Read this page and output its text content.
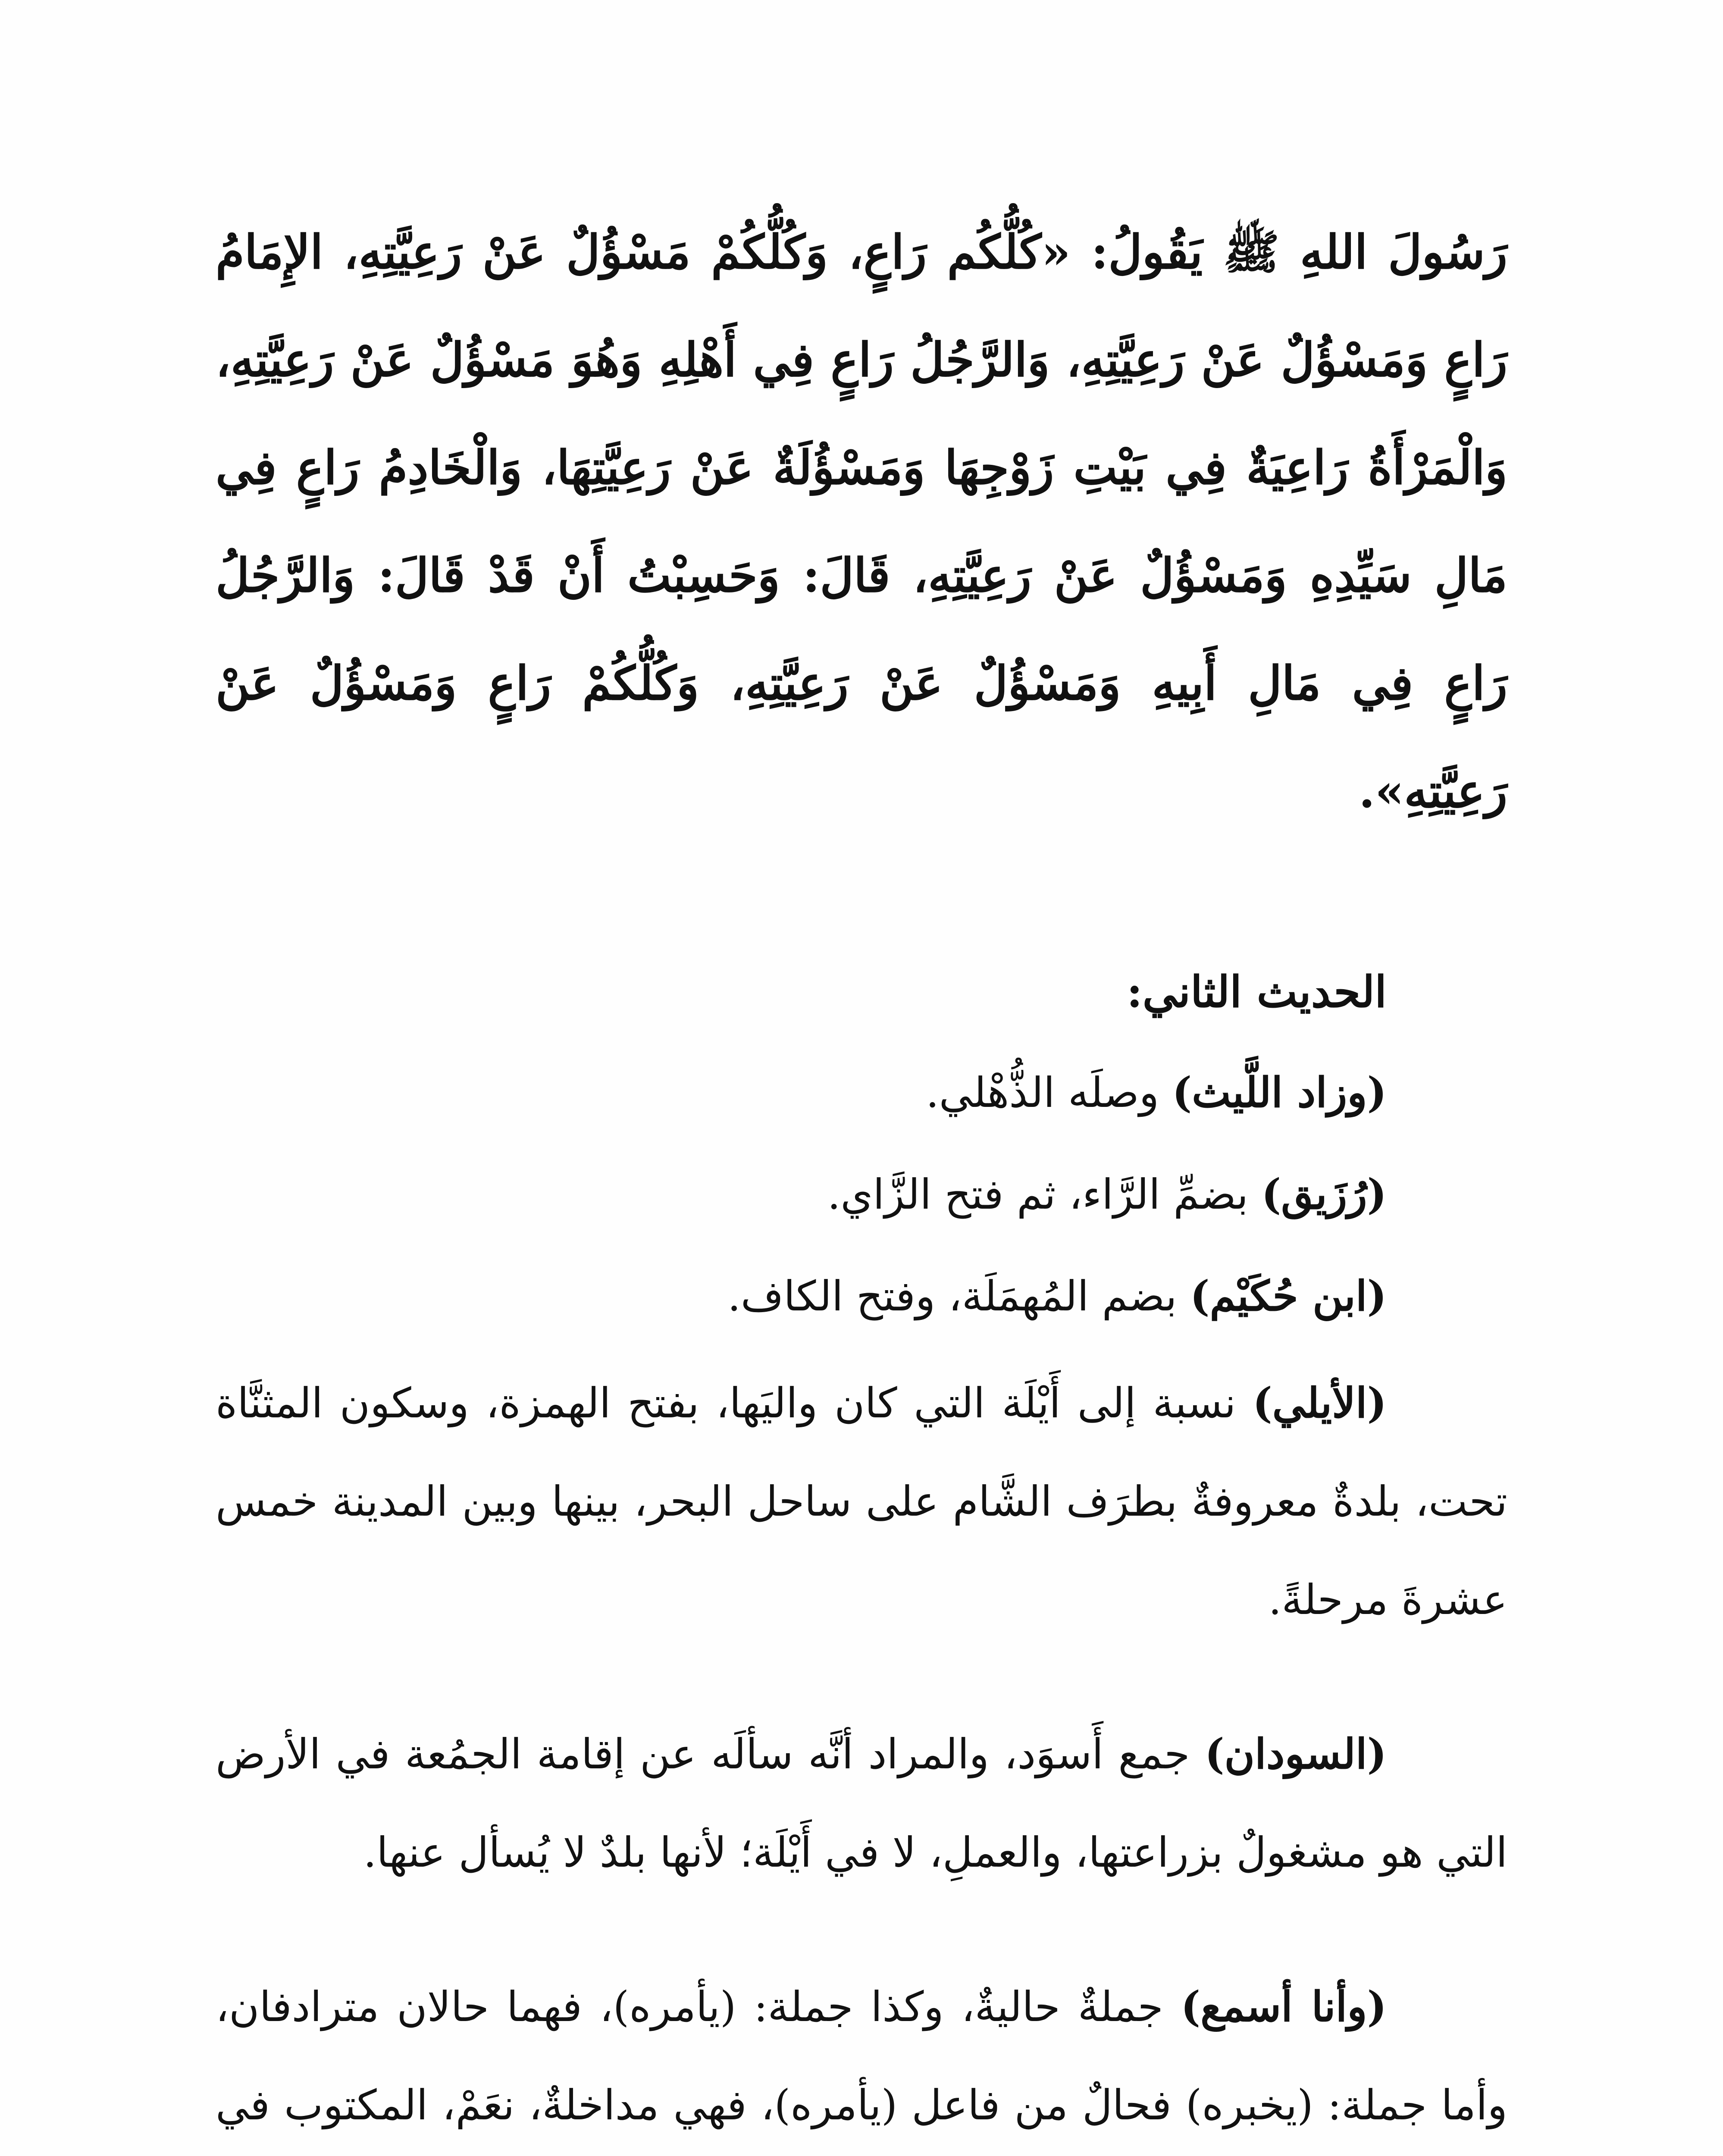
رَسُولَ اللهِ ﷺ يَقُولُ: «كُلُّكُم رَاعٍ، وَكُلُّكُمْ مَسْؤُلٌ عَنْ رَعِيَّتِهِ، الإِمَامُ رَاعٍ وَمَسْؤُلٌ عَنْ رَعِيَّتِهِ، وَالرَّجُلُ رَاعٍ فِي أَهْلِهِ وَهُوَ مَسْؤُلٌ عَنْ رَعِيَّتِهِ، وَالْمَرْأَةُ رَاعِيَةٌ فِي بَيْتِ زَوْجِهَا وَمَسْؤُلَةٌ عَنْ رَعِيَّتِهَا، وَالْخَادِمُ رَاعٍ فِي مَالِ سَيِّدِهِ وَمَسْؤُلٌ عَنْ رَعِيَّتِهِ، قَالَ: وَحَسِبْتُ أَنْ قَدْ قَالَ: وَالرَّجُلُ رَاعٍ فِي مَالِ أَبِيهِ وَمَسْؤُلٌ عَنْ رَعِيَّتِهِ، وَكُلُّكُمْ رَاعٍ وَمَسْؤُلٌ عَنْ رَعِيَّتِهِ».

الحديث الثاني:

(وزاد اللَّيث) وصلَه الذُّهْلي.

(رُزَيق) بضمِّ الرَّاء، ثم فتح الزَّاي.

(ابن حُكَيْم) بضم المُهمَلَة، وفتح الكاف.

(الأيلي) نسبة إلى أَيْلَة التي كان واليَها، بفتح الهمزة، وسكون المثنَّاة تحت، بلدةٌ معروفةٌ بطرَف الشَّام على ساحل البحر، بينها وبين المدينة خمس عشرةَ مرحلةً.

(السودان) جمع أَسوَد، والمراد أنَّه سألَه عن إقامة الجمُعة في الأرض التي هو مشغولٌ بزراعتها، والعملِ، لا في أَيْلَة؛ لأنها بلدٌ لا يُسأل عنها.

(وأنا أسمع) جملةٌ حاليةٌ، وكذا جملة: (يأمره)، فهما حالان مترادفان، وأما جملة: (يخبره) فحالٌ من فاعل (يأمره)، فهي مداخلةٌ، نعَمْ، المكتوب في
